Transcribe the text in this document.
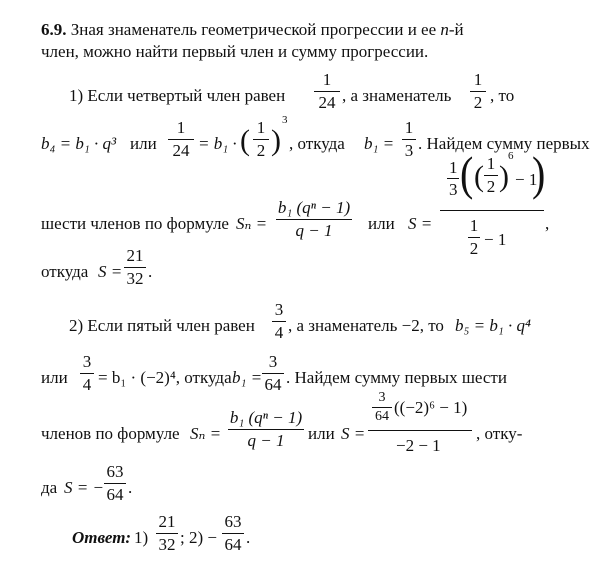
6.9. Зная знаменатель геометрической прогрессии и ее n-й
член, можно найти первый член и сумму прогрессии.
1) Если четвертый член равен
1
24 , а знаменатель
1
2 , то
b₄ = b₁ · q³ или
1
24 = b₁ · ( 1
2 )
3
, откуда b₁ =
1
3 . Найдем сумму первых
шести членов по формуле Sₙ =
b₁ (qⁿ − 1)
q − 1	или S =
1
3 ( ( 1
2 )
6
− 1
)
1
2 − 1
,
откуда S =
21
32 .
2) Если пятый член равен
3
4 , а знаменатель −2, то b₅ = b₁ · q⁴
или
3
4 = b₁ · (−2)⁴, откуда b₁ =
3
64 . Найдем сумму первых шести
членов по формуле Sₙ =
b₁ (qⁿ − 1)
q − 1	или S =
3
64 ((−2)⁶ − 1)
−2 − 1
, отку-
да S = −
63
64 .
Ответ: 1)
21
32 ; 2) −
63
64 .
